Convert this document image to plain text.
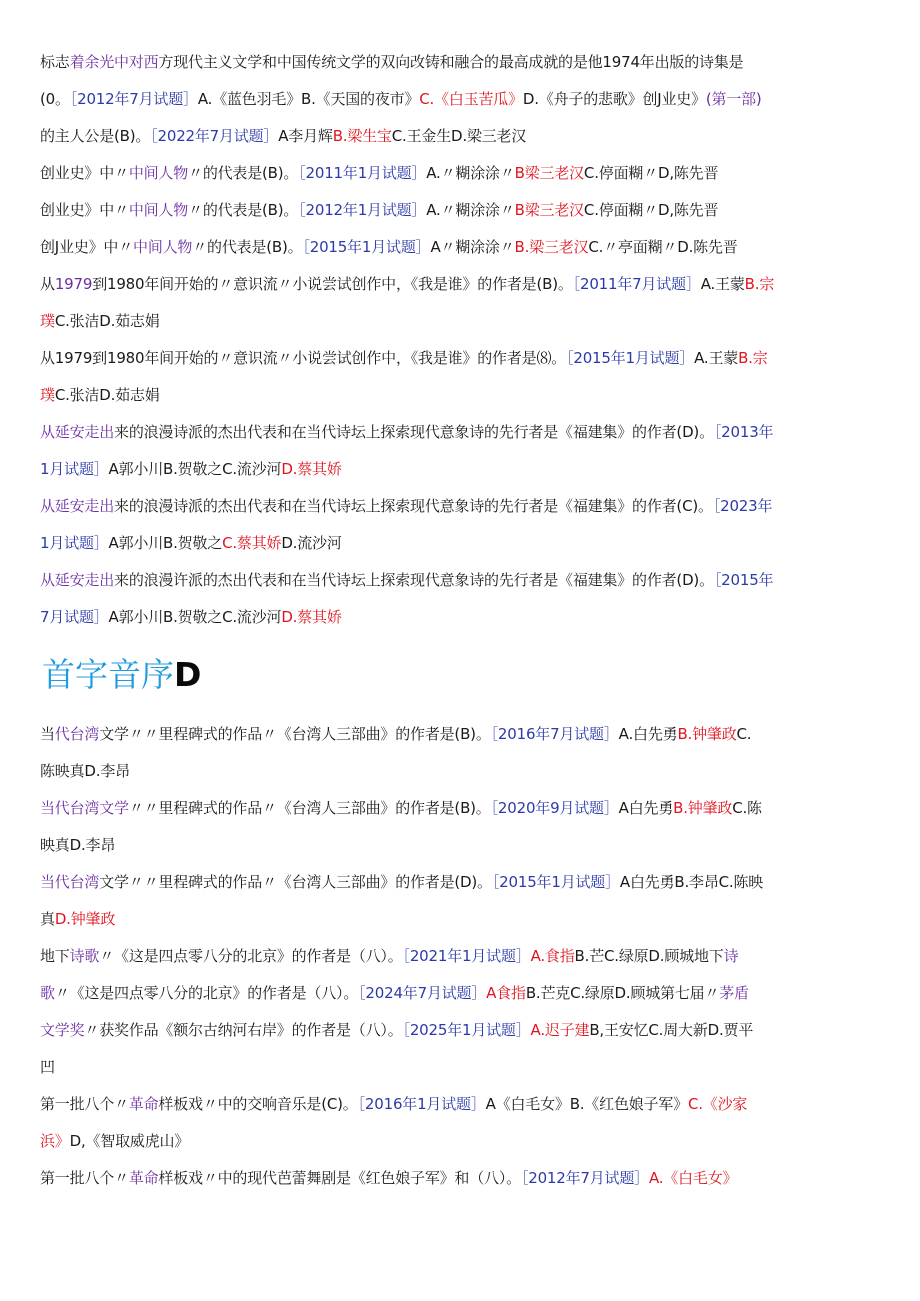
标志着余光中对西方现代主义文学和中国传统文学的双向改铸和融合的最高成就的是他1974年出版的诗集是
(0。［2012年7月试题］A.《蓝色羽毛》B.《天国的夜市》C.《白玉苦瓜》D.《舟子的悲歌》创J业史》(第一部)
的主人公是(B)。［2022年7月试题］A李月辉B.梁生宝C.王金生D.梁三老汉
创业史》中〃中间人物〃的代表是(B)。［2011年1月试题］A.〃糊涂涂〃B梁三老汉C.停面糊〃D,陈先晋
创业史》中〃中间人物〃的代表是(B)。［2012年1月试题］A.〃糊涂涂〃B梁三老汉C.停面糊〃D,陈先晋
创J业史》中〃中间人物〃的代表是(B)。［2015年1月试题］A〃糊涂涂〃B.梁三老汉C.〃亭面糊〃D.陈先晋
从1979到1980年间开始的〃意识流〃小说尝试创作中，《我是谁》的作者是(B)。［2011年7月试题］A.王蒙B.宗
璞C.张洁D.茹志娟
从1979到1980年间开始的〃意识流〃小说尝试创作中，《我是谁》的作者是⑻。［2015年1月试题］A.王蒙B.宗
璞C.张洁D.茹志娟
从延安走出来的浪漫诗派的杰出代表和在当代诗坛上探索现代意象诗的先行者是《福建集》的作者(D)。［2013年
1月试题］A郭小川B.贺敬之C.流沙河D.蔡其娇
从延安走出来的浪漫诗派的杰出代表和在当代诗坛上探索现代意象诗的先行者是《福建集》的作者(C)。［2023年
1月试题］A郭小川B.贺敬之C.蔡其娇D.流沙河
从延安走出来的浪漫许派的杰出代表和在当代诗坛上探索现代意象诗的先行者是《福建集》的作者(D)。［2015年
7月试题］A郭小川B.贺敬之C.流沙河D.蔡其娇
首字音序D
当代台湾文学〃〃里程碑式的作品〃《台湾人三部曲》的作者是(B)。［2016年7月试题］A.白先勇B.钟肇政C.
陈映真D.李昂
当代台湾文学〃〃里程碑式的作品〃《台湾人三部曲》的作者是(B)。［2020年9月试题］A白先勇B.钟肇政C.陈
映真D.李昂
当代台湾文学〃〃里程碑式的作品〃《台湾人三部曲》的作者是(D)。［2015年1月试题］A白先勇B.李昂C.陈映
真D.钟肇政
地下诗歌〃《这是四点零八分的北京》的作者是（八）。［2021年1月试题］A.食指B.芒C.绿原D.顾城地下诗
歌〃《这是四点零八分的北京》的作者是（八）。［2024年7月试题］A食指B.芒克C.绿原D.顾城第七届〃茅盾
文学奖〃获奖作品《额尔古纳河右岸》的作者是（八）。［2025年1月试题］A.迟子建B,王安忆C.周大新D.贾平
凹
第一批八个〃革命样板戏〃中的交响音乐是(C)。［2016年1月试题］A《白毛女》B.《红色娘子军》C.《沙家
浜》D,《智取威虎山》
第一批八个〃革命样板戏〃中的现代芭蕾舞剧是《红色娘子军》和（八）。［2012年7月试题］A.《白毛女》
